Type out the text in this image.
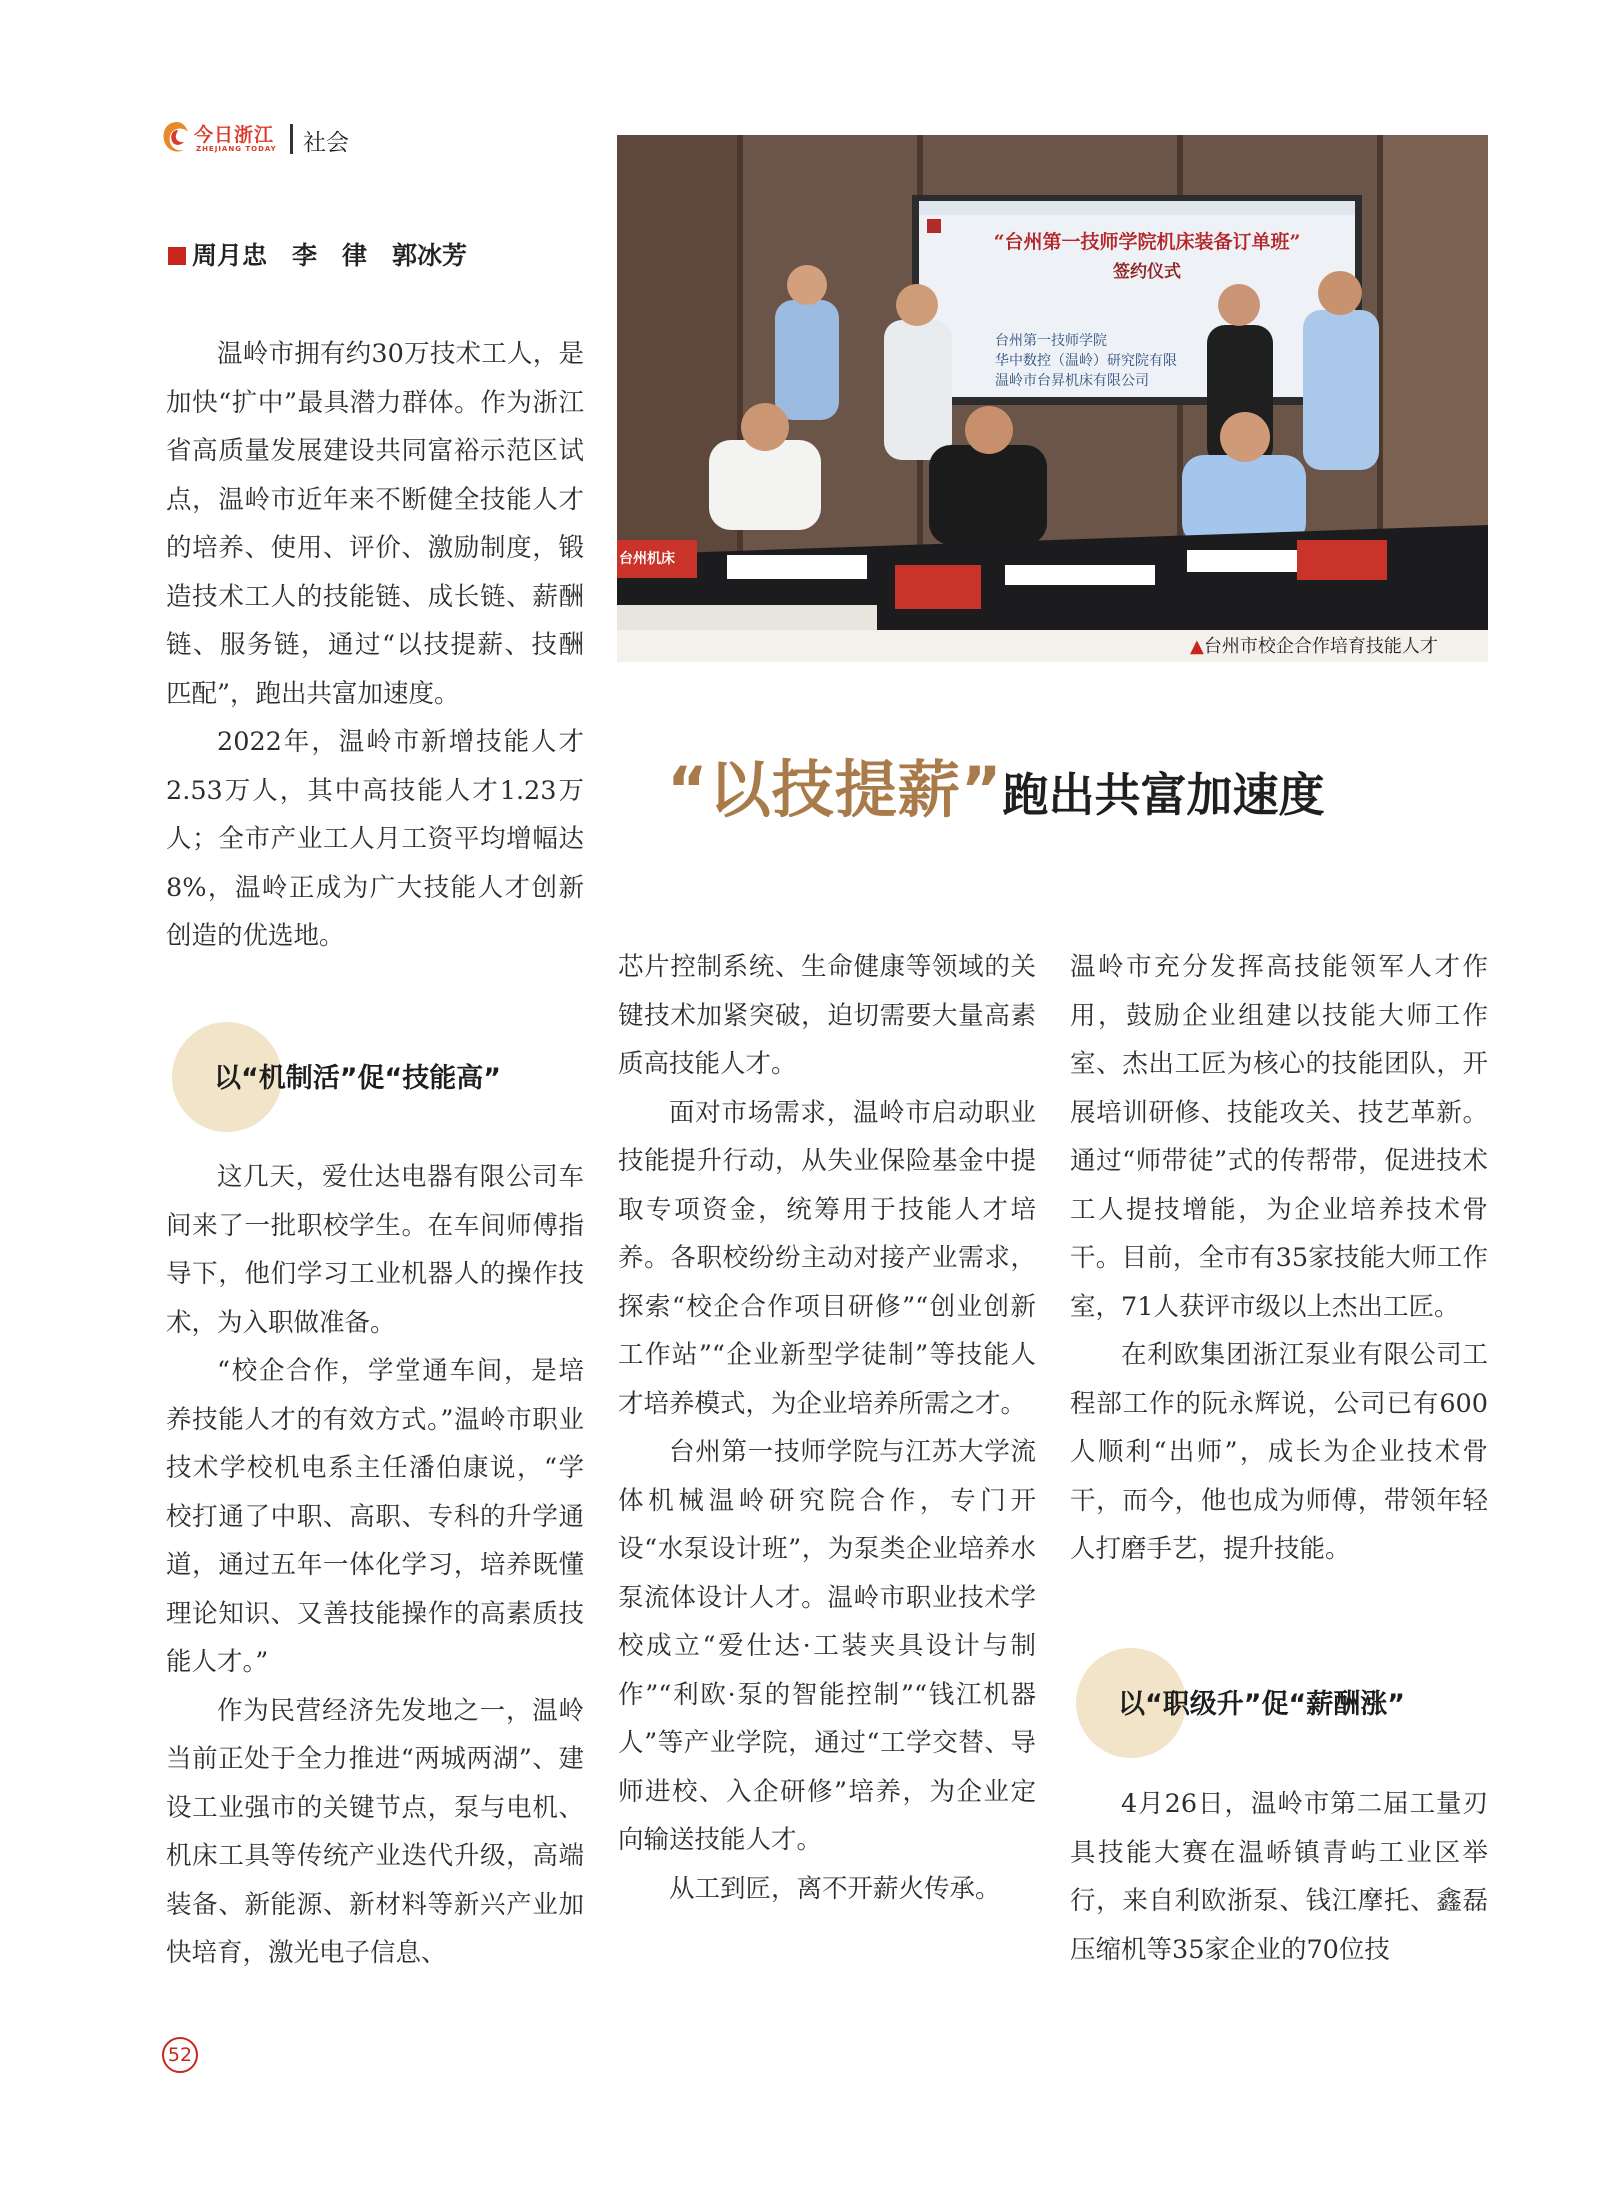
今日浙江
ZHEJIANG TODAY 社会
周月忠　李　律　郭冰芳

温岭市拥有约30万技术工人，是加快“扩中”最具潜力群体。作为浙江省高质量发展建设共同富裕示范区试点，温岭市近年来不断健全技能人才的培养、使用、评价、激励制度，锻造技术工人的技能链、成长链、薪酬链、服务链，通过“以技提薪、技酬匹配”，跑出共富加速度。

2022年，温岭市新增技能人才2.53万人，其中高技能人才1.23万人；全市产业工人月工资平均增幅达8%，温岭正成为广大技能人才创新创造的优选地。

以“机制活”促“技能高”

这几天，爱仕达电器有限公司车间来了一批职校学生。在车间师傅指导下，他们学习工业机器人的操作技术，为入职做准备。

“校企合作，学堂通车间，是培养技能人才的有效方式。”温岭市职业技术学校机电系主任潘伯康说，“学校打通了中职、高职、专科的升学通道，通过五年一体化学习，培养既懂理论知识、又善技能操作的高素质技能人才。”

作为民营经济先发地之一，温岭当前正处于全力推进“两城两湖”、建设工业强市的关键节点，泵与电机、机床工具等传统产业迭代升级，高端装备、新能源、新材料等新兴产业加快培育，激光电子信息、

“台州第一技师学院机床装备订单班”
签约仪式
台州第一技师学院
华中数控（温岭）研究院有限
温岭市台昇机床有限公司
台州机床
▲台州市校企合作培育技能人才
“以技提薪”跑出共富加速度

芯片控制系统、生命健康等领域的关键技术加紧突破，迫切需要大量高素质高技能人才。

面对市场需求，温岭市启动职业技能提升行动，从失业保险基金中提取专项资金，统筹用于技能人才培养。各职校纷纷主动对接产业需求，探索“校企合作项目研修”“创业创新工作站”“企业新型学徒制”等技能人才培养模式，为企业培养所需之才。

台州第一技师学院与江苏大学流体机械温岭研究院合作，专门开设“水泵设计班”，为泵类企业培养水泵流体设计人才。温岭市职业技术学校成立“爱仕达·工装夹具设计与制作”“利欧·泵的智能控制”“钱江机器人”等产业学院，通过“工学交替、导师进校、入企研修”培养，为企业定向输送技能人才。

从工到匠，离不开薪火传承。

温岭市充分发挥高技能领军人才作用，鼓励企业组建以技能大师工作室、杰出工匠为核心的技能团队，开展培训研修、技能攻关、技艺革新。通过“师带徒”式的传帮带，促进技术工人提技增能，为企业培养技术骨干。目前，全市有35家技能大师工作室，71人获评市级以上杰出工匠。

在利欧集团浙江泵业有限公司工程部工作的阮永辉说，公司已有600人顺利“出师”，成长为企业技术骨干，而今，他也成为师傅，带领年轻人打磨手艺，提升技能。

以“职级升”促“薪酬涨”

4月26日，温岭市第二届工量刃具技能大赛在温峤镇青屿工业区举行，来自利欧浙泵、钱江摩托、鑫磊压缩机等35家企业的70位技

52
